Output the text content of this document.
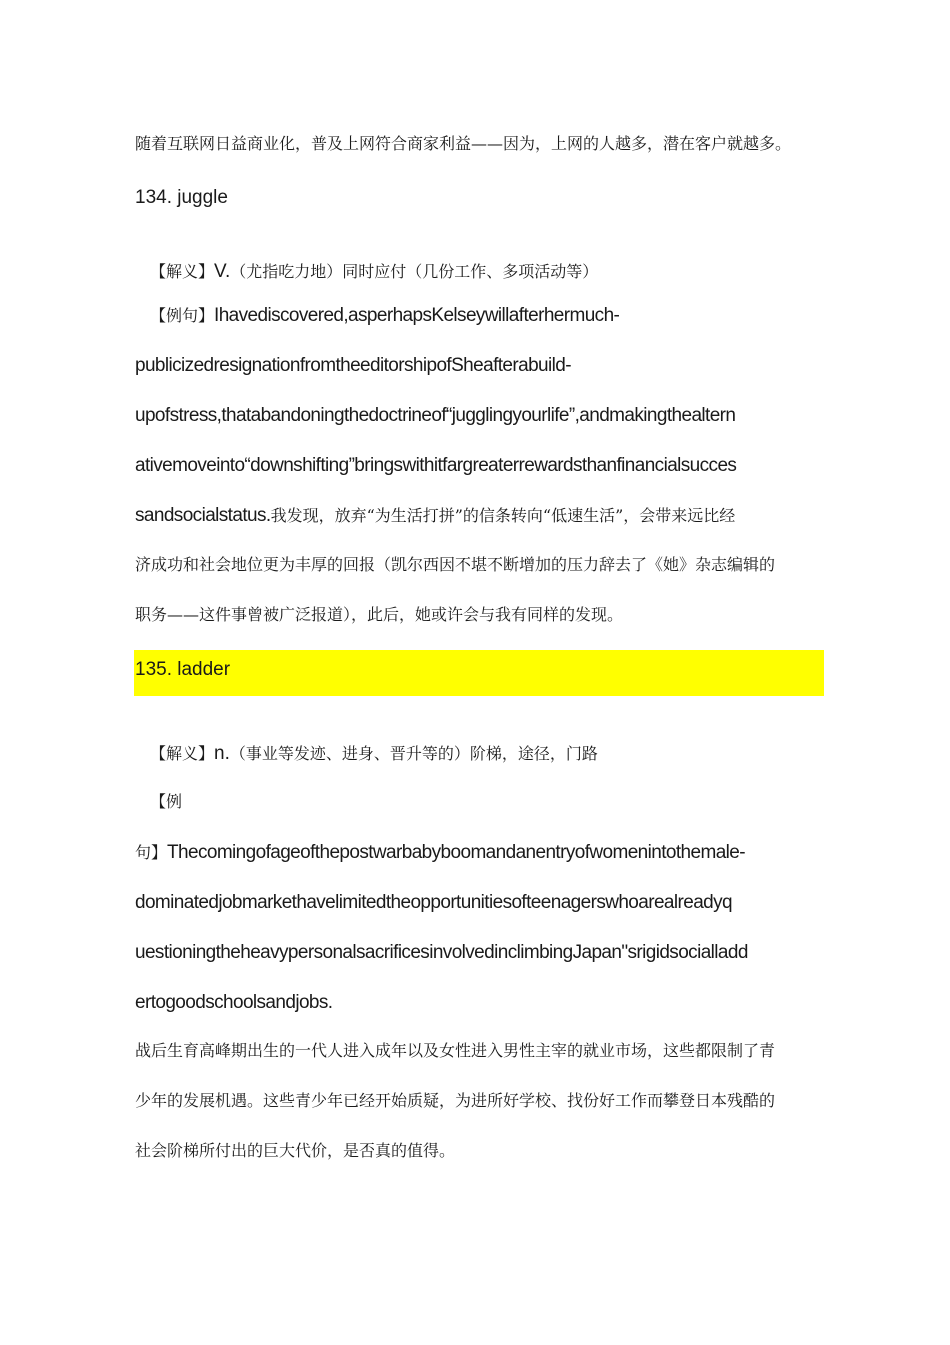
随着互联网日益商业化，普及上网符合商家利益——因为，上网的人越多，潜在客户就越多。
134. juggle
【解义】V.（尤指吃力地）同时应付（几份工作、多项活动等）
【例句】Ihavediscovered,asperhapsKelseywillafterhermuch-
publicizedresignationfromtheeditorshipofSheafterabuild-
upofstress,thatabandoningthedoctrineof“jugglingyourlife”,andmakingthealtern
ativemoveinto“downshifting”bringswithitfargreaterrewardsthanfinancialsucces
sandsocialstatus.我发现，放弃“为生活打拼”的信条转向“低速生活”，会带来远比经
济成功和社会地位更为丰厚的回报（凯尔西因不堪不断增加的压力辞去了《她》杂志编辑的
职务——这件事曾被广泛报道），此后，她或许会与我有同样的发现。
135. ladder
【解义】n.（事业等发迹、进身、晋升等的）阶梯，途径，门路
【例
句】Thecomingofageofthepostwarbabyboomandanentryofwomenintothemale-
dominatedjobmarkethavelimitedtheopportunitiesofteenagerswhoarealreadyq
uestioningtheheavypersonalsacrificesinvolvedinclimbingJapan"srigidsocialladd
ertogoodschoolsandjobs.
战后生育高峰期出生的一代人进入成年以及女性进入男性主宰的就业市场，这些都限制了青
少年的发展机遇。这些青少年已经开始质疑，为进所好学校、找份好工作而攀登日本残酷的
社会阶梯所付出的巨大代价，是否真的值得。
